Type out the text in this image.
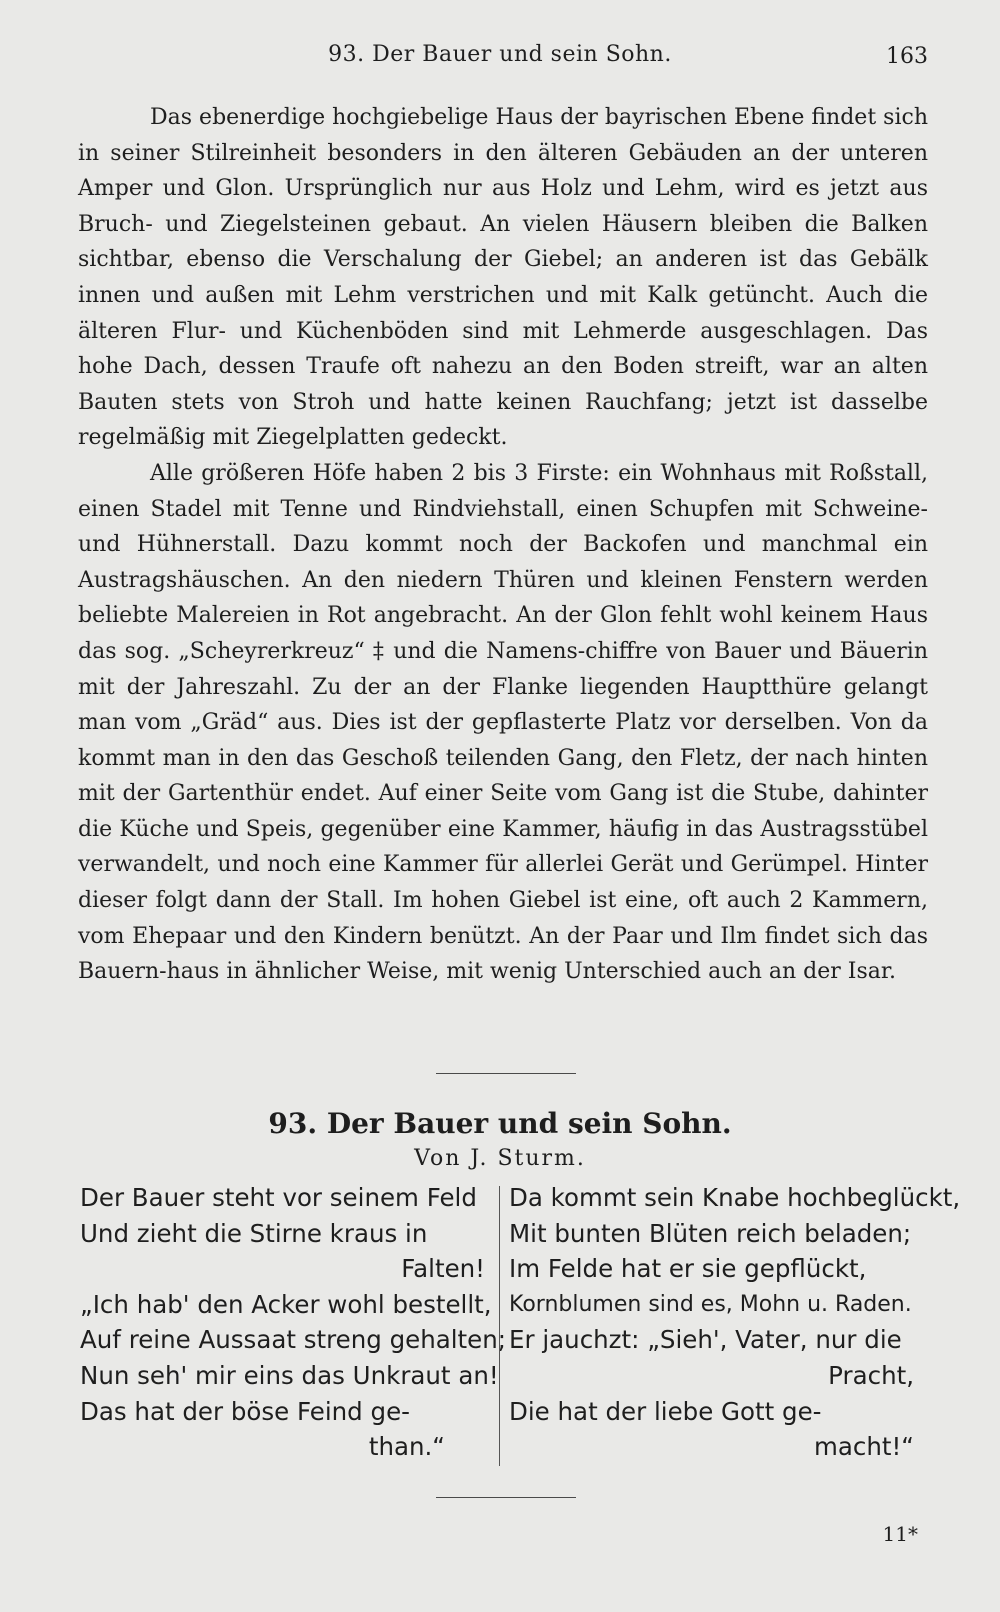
93. Der Bauer und sein Sohn.	163

Das ebenerdige hochgiebelige Haus der bayrischen Ebene findet sich in seiner Stilreinheit besonders in den älteren Gebäuden an der unteren Amper und Glon. Ursprünglich nur aus Holz und Lehm, wird es jetzt aus Bruch- und Ziegelsteinen gebaut. An vielen Häusern bleiben die Balken sichtbar, ebenso die Verschalung der Giebel; an anderen ist das Gebälk innen und außen mit Lehm verstrichen und mit Kalk getüncht. Auch die älteren Flur- und Küchenböden sind mit Lehmerde ausgeschlagen. Das hohe Dach, dessen Traufe oft nahezu an den Boden streift, war an alten Bauten stets von Stroh und hatte keinen Rauchfang; jetzt ist dasselbe regelmäßig mit Ziegelplatten gedeckt.

Alle größeren Höfe haben 2 bis 3 Firste: ein Wohnhaus mit Roßstall, einen Stadel mit Tenne und Rindviehstall, einen Schupfen mit Schweine- und Hühnerstall. Dazu kommt noch der Backofen und manchmal ein Austragshäuschen. An den niedern Thüren und kleinen Fenstern werden beliebte Malereien in Rot angebracht. An der Glon fehlt wohl keinem Haus das sog. „Scheyrerkreuz“ ‡ und die Namens-chiffre von Bauer und Bäuerin mit der Jahreszahl. Zu der an der Flanke liegenden Hauptthüre gelangt man vom „Gräd“ aus. Dies ist der gepflasterte Platz vor derselben. Von da kommt man in den das Geschoß teilenden Gang, den Fletz, der nach hinten mit der Gartenthür endet. Auf einer Seite vom Gang ist die Stube, dahinter die Küche und Speis, gegenüber eine Kammer, häufig in das Austragsstübel verwandelt, und noch eine Kammer für allerlei Gerät und Gerümpel. Hinter dieser folgt dann der Stall. Im hohen Giebel ist eine, oft auch 2 Kammern, vom Ehepaar und den Kindern benützt. An der Paar und Ilm findet sich das Bauern-haus in ähnlicher Weise, mit wenig Unterschied auch an der Isar.

93. Der Bauer und sein Sohn.
Von J. Sturm.

Der Bauer steht vor seinem Feld

Und zieht die Stirne kraus in

Falten!

„Ich hab' den Acker wohl bestellt,

Auf reine Aussaat streng gehalten;

Nun seh' mir eins das Unkraut an!

Das hat der böse Feind ge-

than.“

Da kommt sein Knabe hochbeglückt,

Mit bunten Blüten reich beladen;

Im Felde hat er sie gepflückt,

Kornblumen sind es, Mohn u. Raden.

Er jauchzt: „Sieh', Vater, nur die

Pracht,

Die hat der liebe Gott ge-

macht!“

11*
